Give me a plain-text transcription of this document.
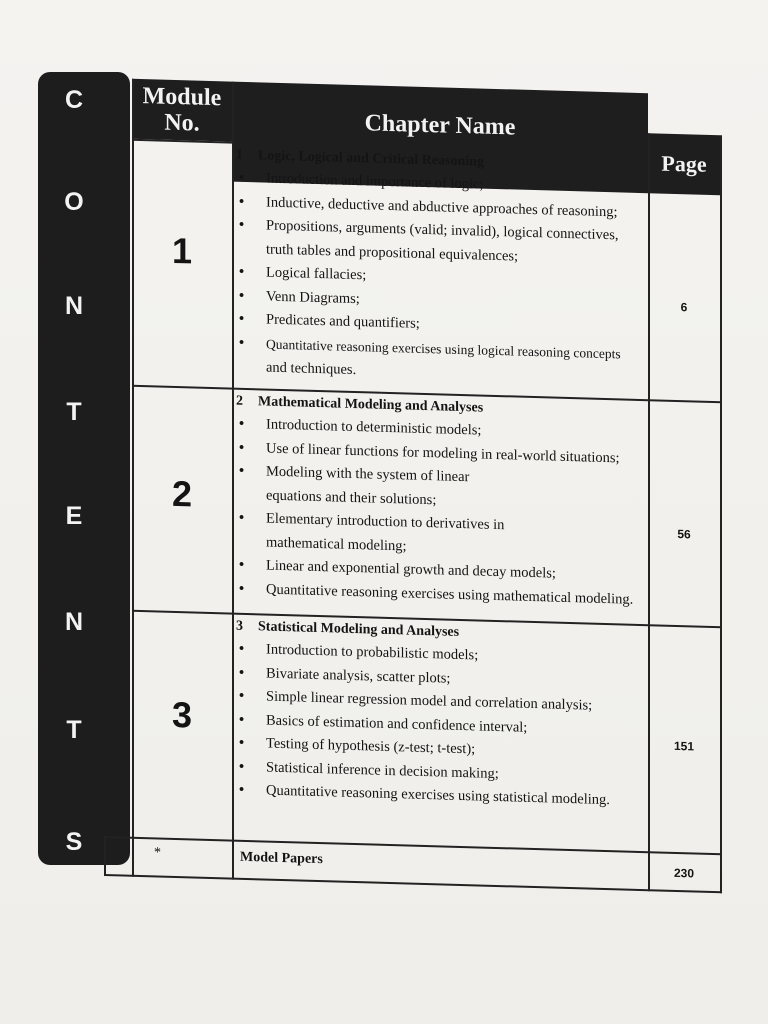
C
O
N
T
E
N
T
S
Module
No.	Chapter Name
Page
1
2
3
6
56
151
1 Logic, Logical and Critical Reasoning
• Introduction and importance of logic;
• Inductive, deductive and abductive approaches of reasoning;
• Propositions, arguments (valid; invalid), logical connectives,
truth tables and propositional equivalences;
• Logical fallacies;
• Venn Diagrams;
• Predicates and quantifiers;
• Quantitative reasoning exercises using logical reasoning concepts
and techniques.
2 Mathematical Modeling and Analyses
• Introduction to deterministic models;
• Use of linear functions for modeling in real-world situations;
• Modeling with the system of linear
equations and their solutions;
• Elementary introduction to derivatives in
mathematical modeling;
• Linear and exponential growth and decay models;
• Quantitative reasoning exercises using mathematical modeling.
3 Statistical Modeling and Analyses
• Introduction to probabilistic models;
• Bivariate analysis, scatter plots;
• Simple linear regression model and correlation analysis;
• Basics of estimation and confidence interval;
• Testing of hypothesis (z-test; t-test);
• Statistical inference in decision making;
• Quantitative reasoning exercises using statistical modeling.
*	Model Papers
230
